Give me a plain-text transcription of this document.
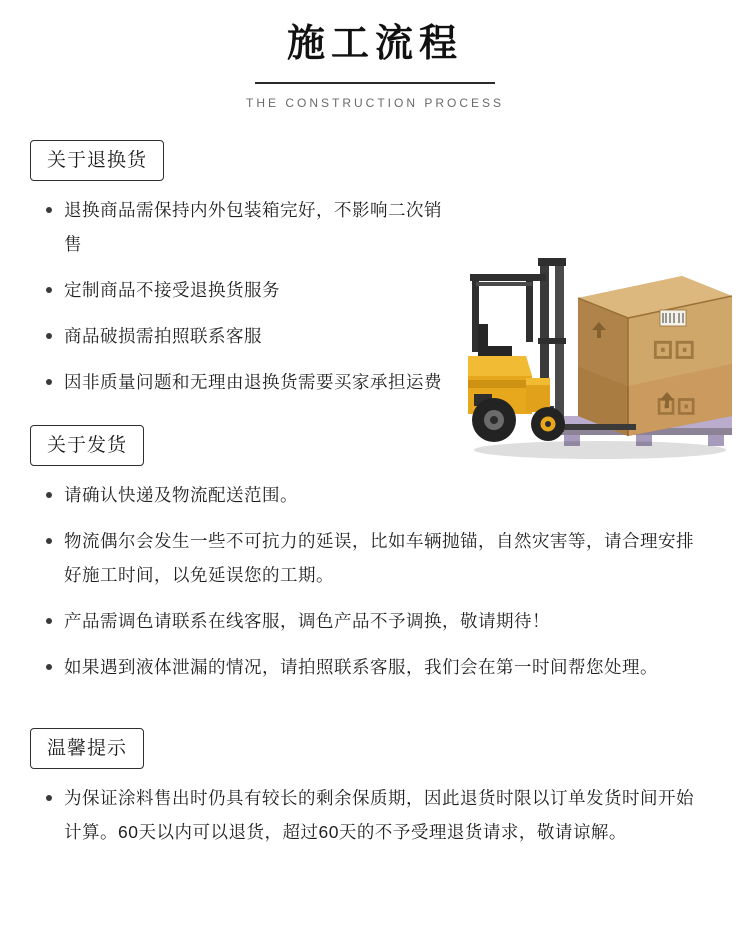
施工流程
THE CONSTRUCTION PROCESS
⊡⊡
⊡⊡
关于退换货
退换商品需保持内外包装箱完好，不影响二次销售
定制商品不接受退换货服务
商品破损需拍照联系客服
因非质量问题和无理由退换货需要买家承担运费
关于发货
请确认快递及物流配送范围。
物流偶尔会发生一些不可抗力的延误，比如车辆抛锚，自然灾害等，请合理安排好施工时间，以免延误您的工期。
产品需调色请联系在线客服，调色产品不予调换，敬请期待！
如果遇到液体泄漏的情况，请拍照联系客服，我们会在第一时间帮您处理。
温馨提示
为保证涂料售出时仍具有较长的剩余保质期，因此退货时限以订单发货时间开始计算。60天以内可以退货，超过60天的不予受理退货请求，敬请谅解。
